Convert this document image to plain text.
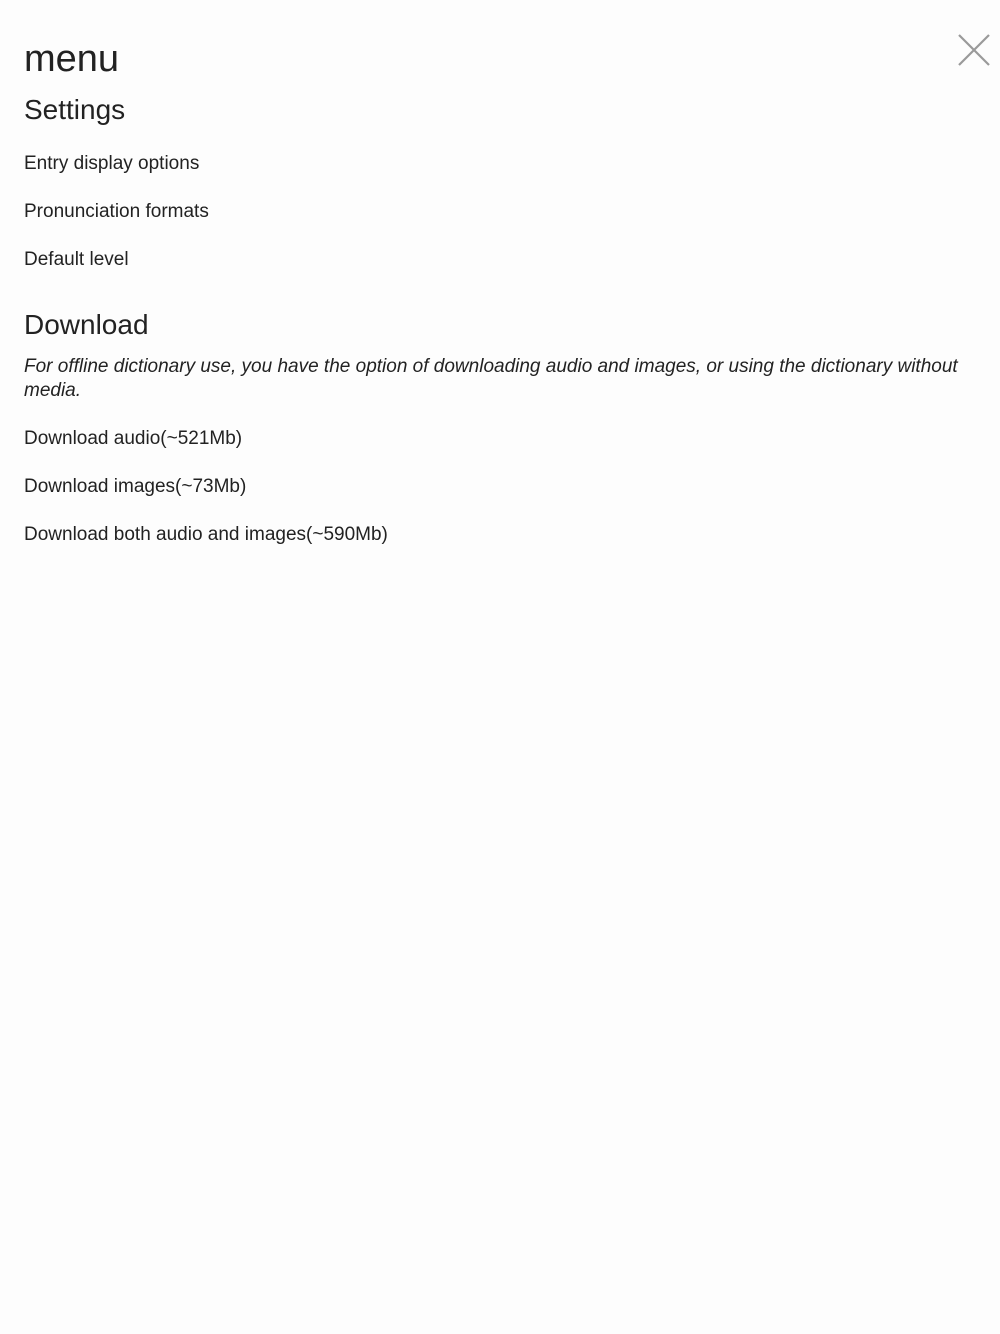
menu
Settings
Entry display options
Pronunciation formats
Default level
Download

For offline dictionary use, you have the option of downloading audio and images, or using the dictionary without media.

Download audio(~521Mb)
Download images(~73Mb)
Download both audio and images(~590Mb)
